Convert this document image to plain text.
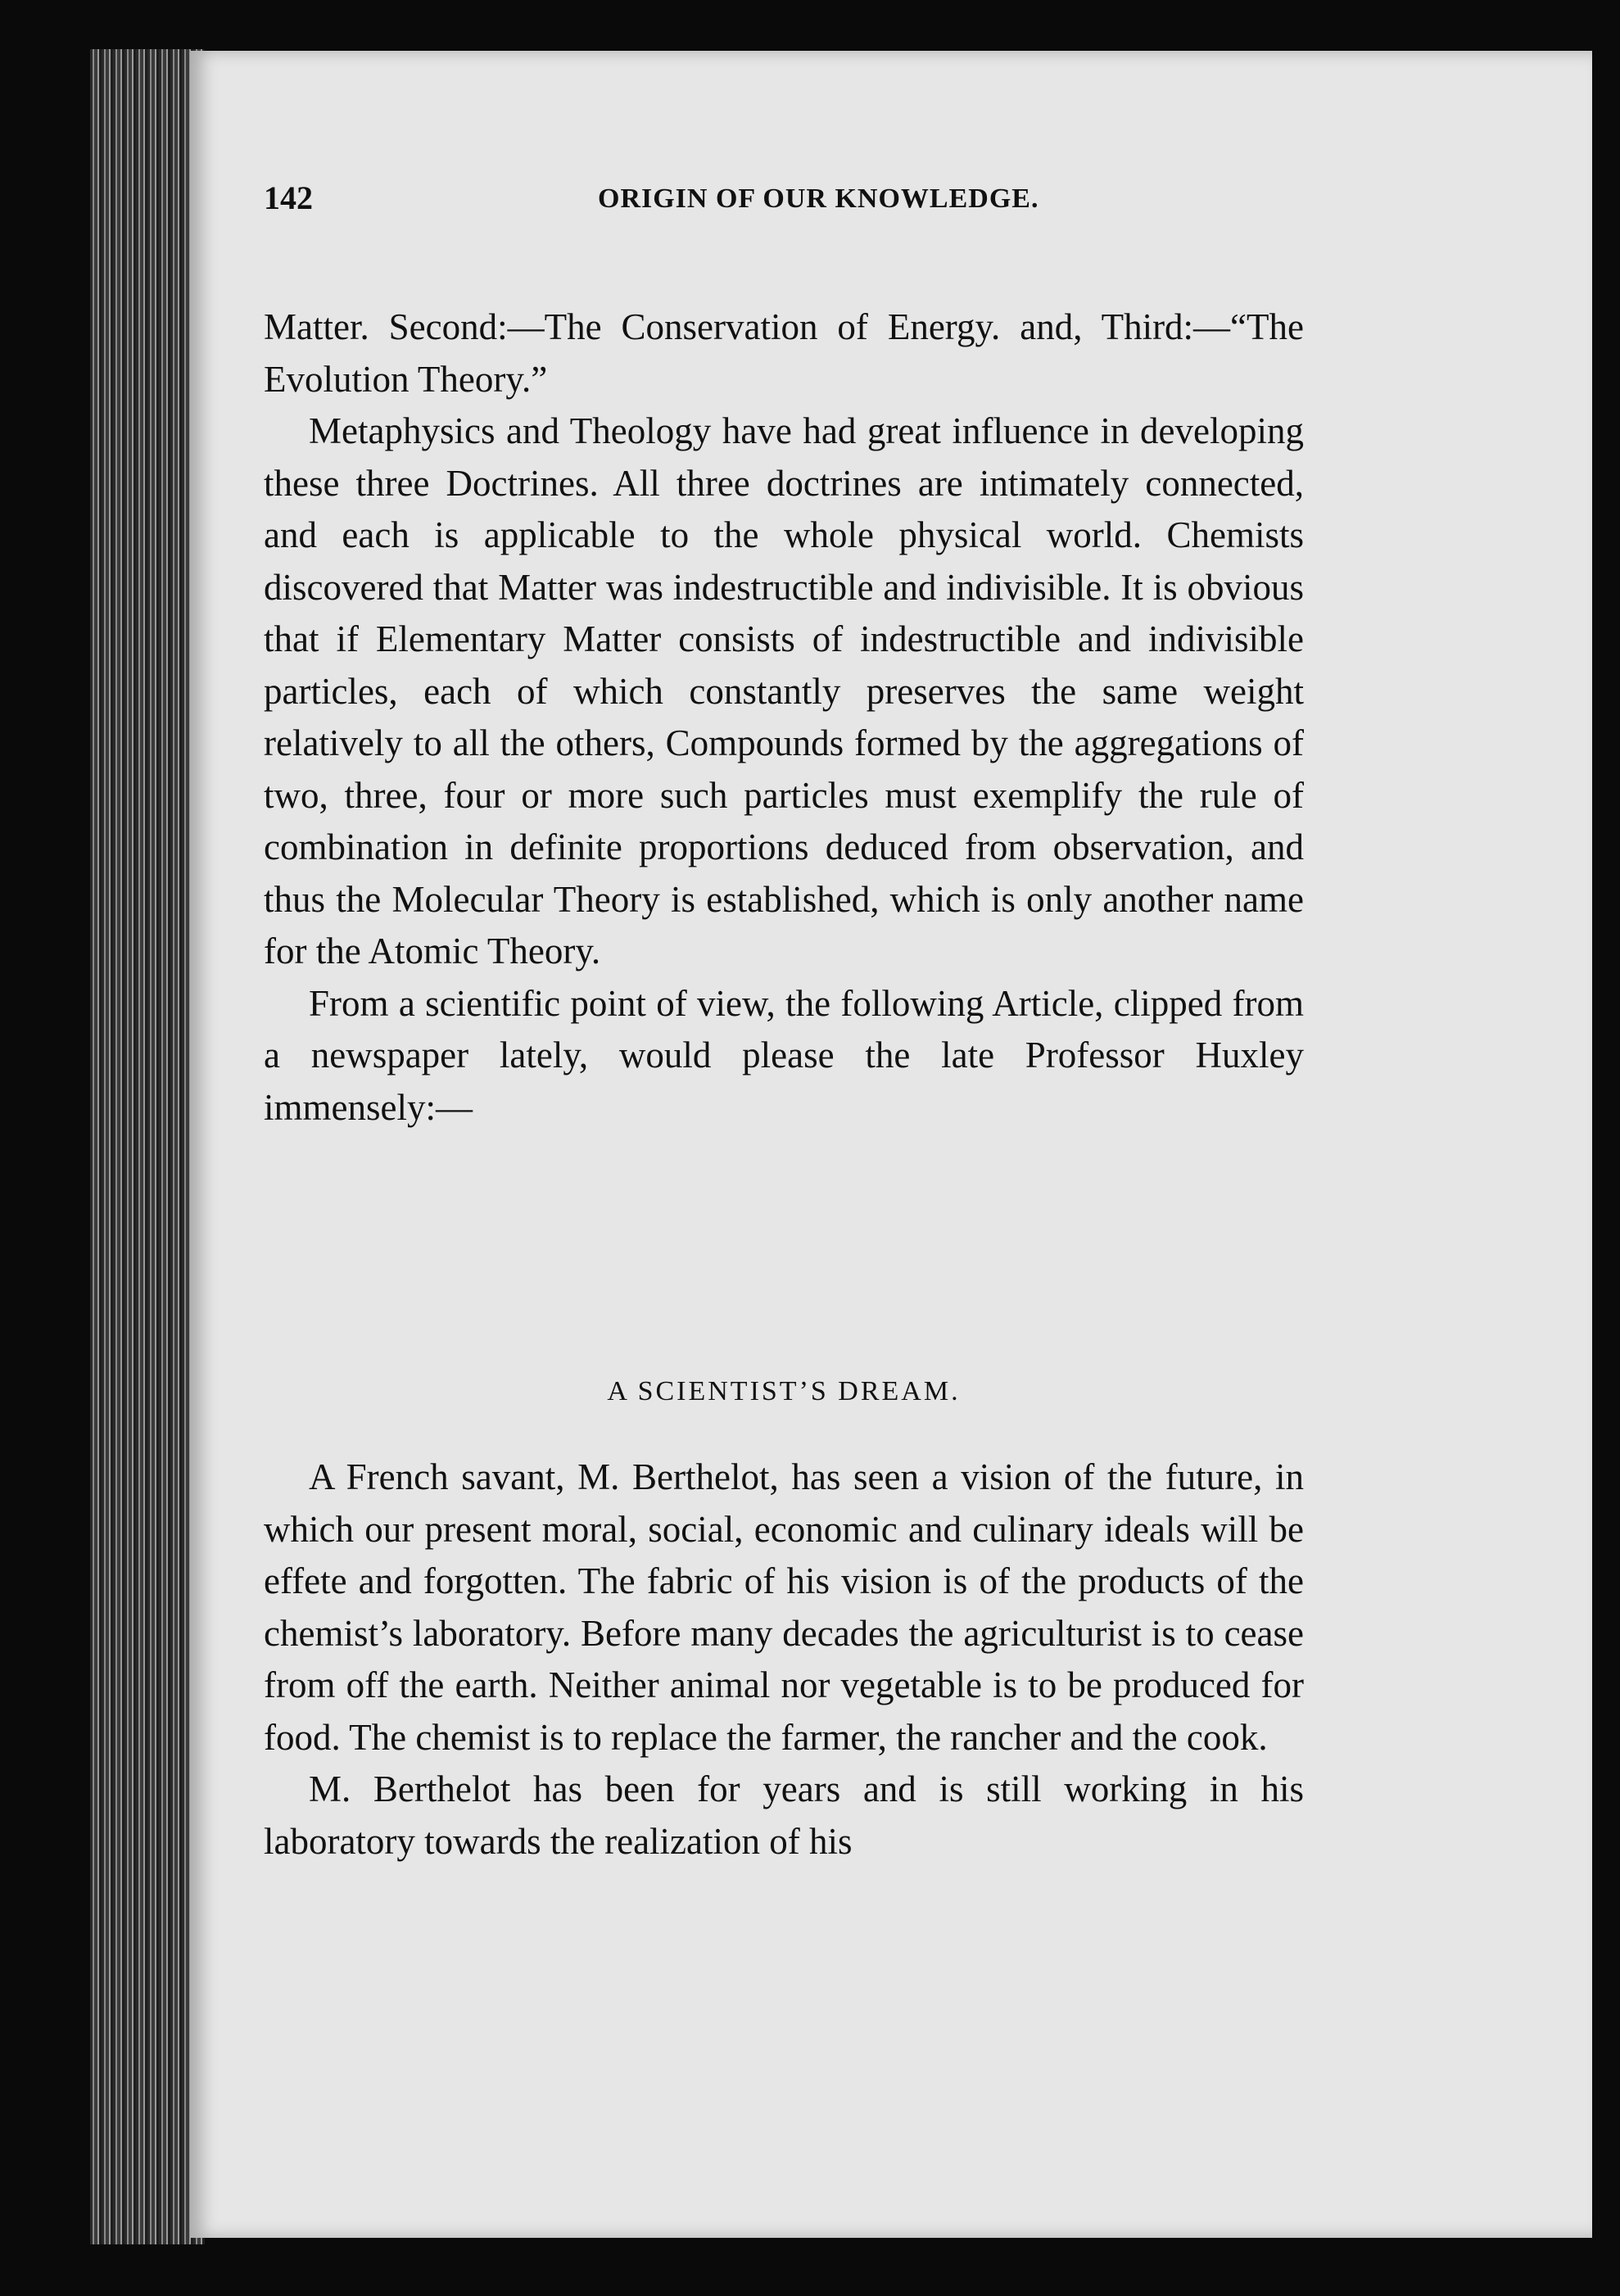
142	ORIGIN OF OUR KNOWLEDGE.

Matter. Second:—The Conservation of Energy. and, Third:—“The Evolution Theory.”

Metaphysics and Theology have had great influence in developing these three Doctrines. All three doctrines are intimately connected, and each is applicable to the whole physical world. Chemists discovered that Matter was indestructible and indivisible. It is obvious that if Elementary Matter consists of indestructible and indivisible particles, each of which constantly preserves the same weight relatively to all the others, Compounds formed by the aggregations of two, three, four or more such particles must exemplify the rule of combination in definite proportions deduced from observation, and thus the Molecular Theory is established, which is only another name for the Atomic Theory.

From a scientific point of view, the following Article, clipped from a newspaper lately, would please the late Professor Huxley immensely:—

A SCIENTIST’S DREAM.

A French savant, M. Berthelot, has seen a vision of the future, in which our present moral, social, economic and culinary ideals will be effete and forgotten. The fabric of his vision is of the products of the chemist’s laboratory. Before many decades the agriculturist is to cease from off the earth. Neither animal nor vegetable is to be produced for food. The chemist is to replace the farmer, the rancher and the cook.

M. Berthelot has been for years and is still working in his laboratory towards the realization of his
